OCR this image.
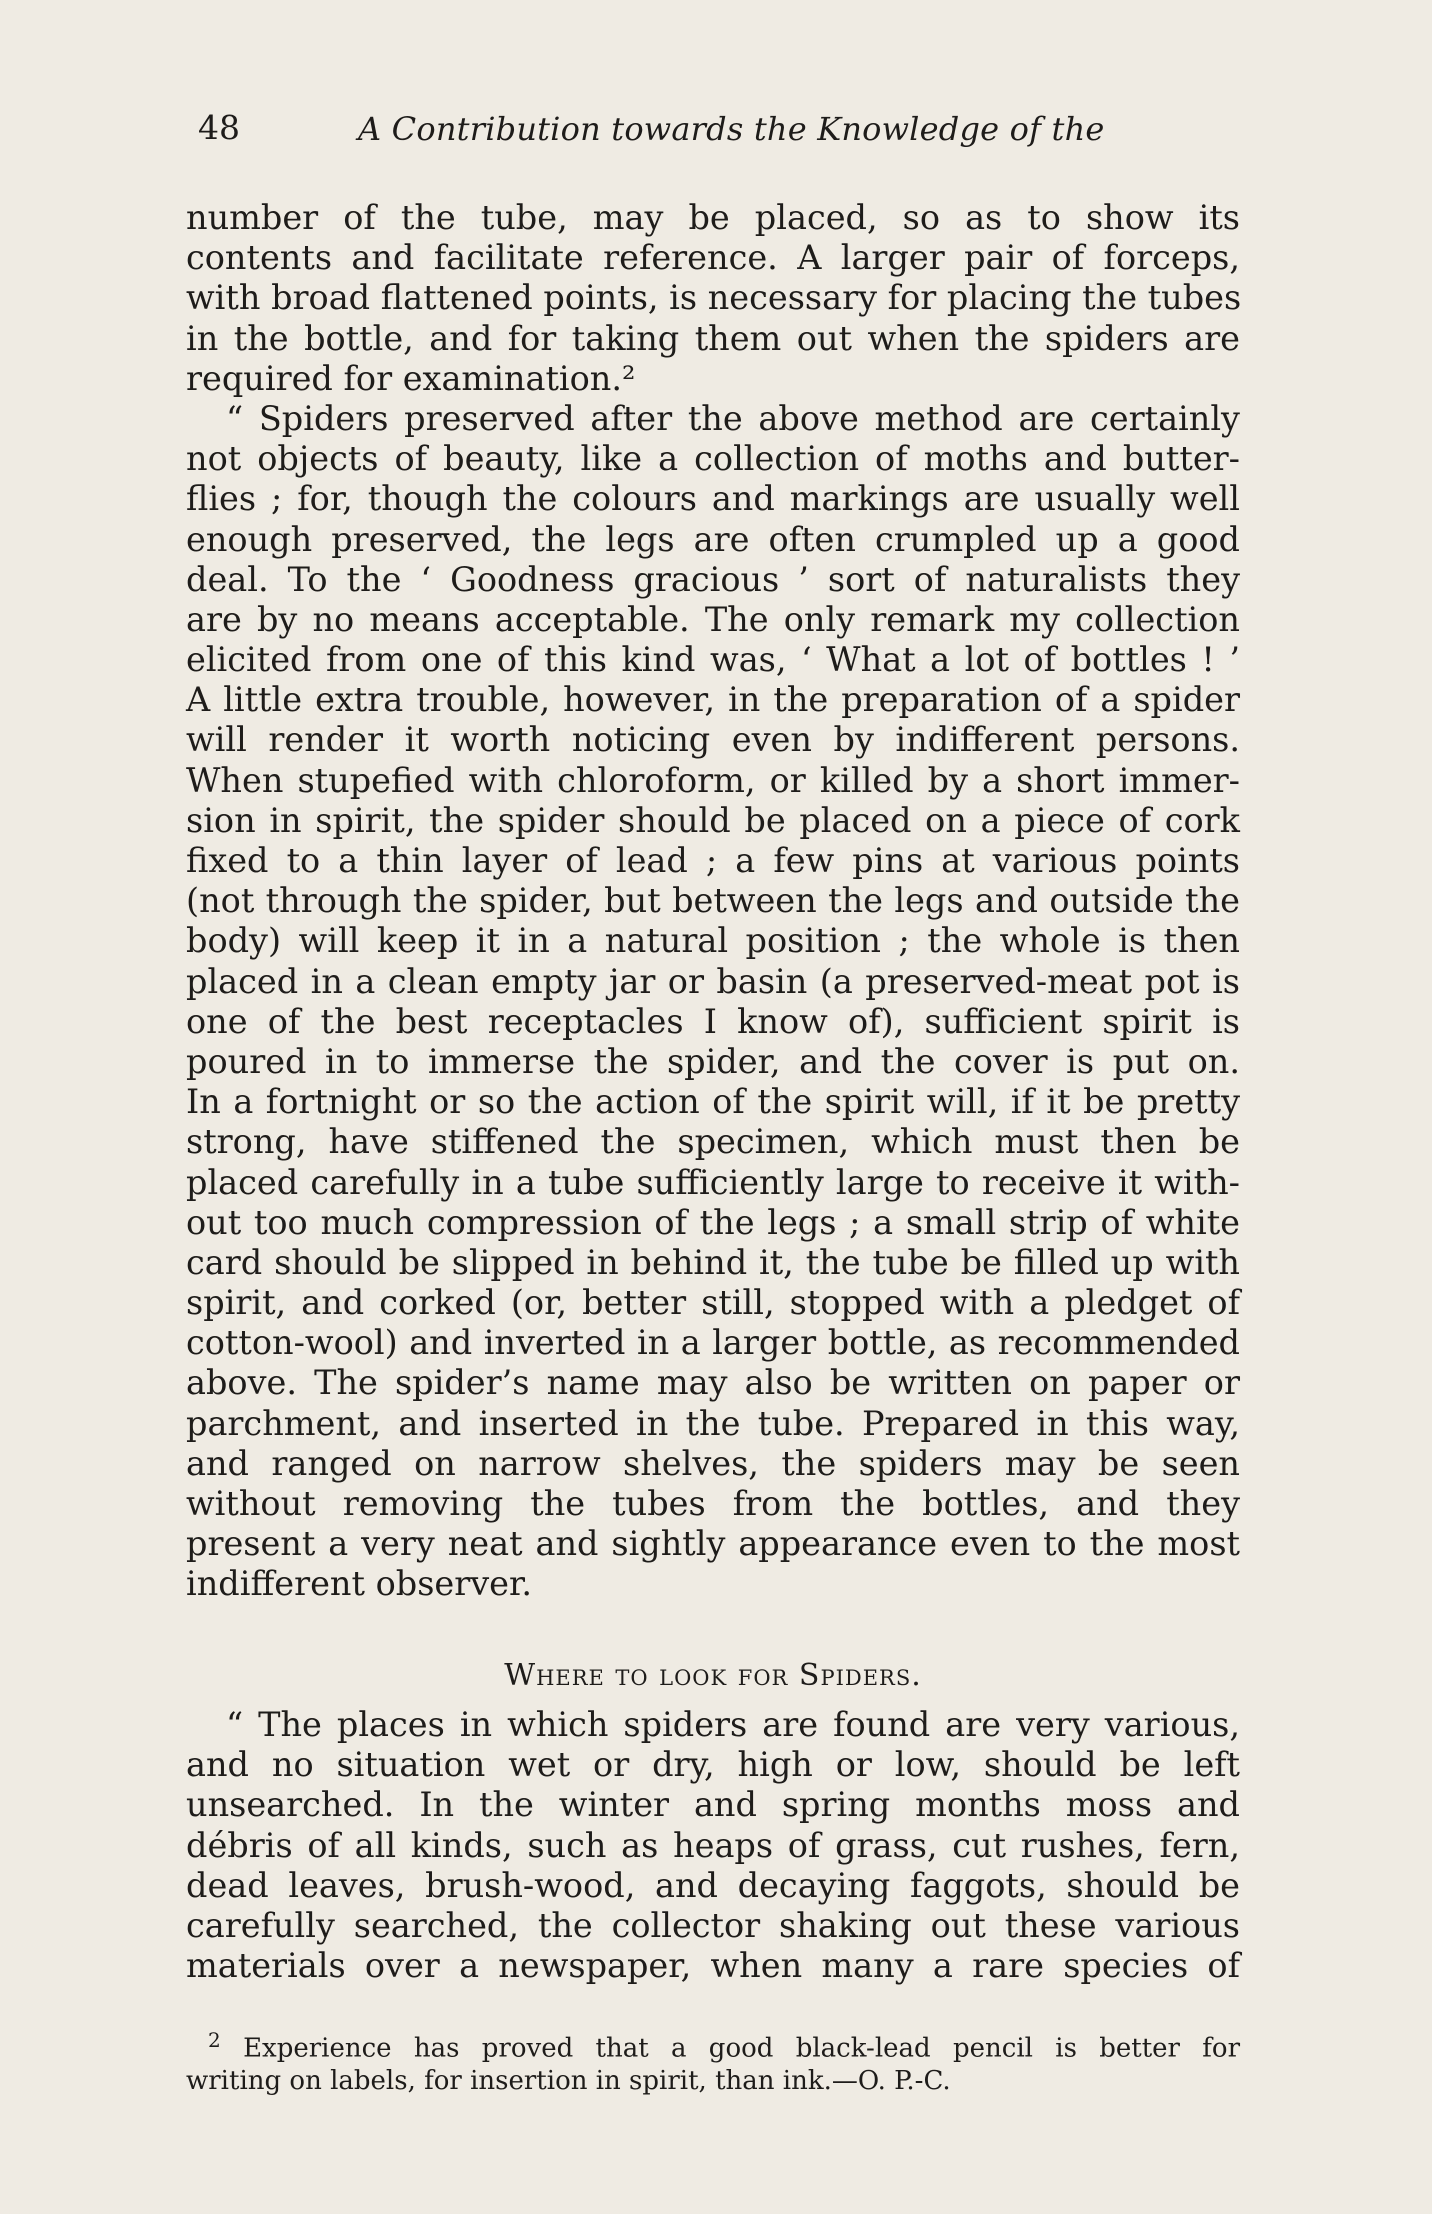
48	A Contribution towards the Knowledge of the
number of the tube, may be placed, so as to show its
contents and facilitate reference. A larger pair of forceps,
with broad flattened points, is necessary for placing the tubes
in the bottle, and for taking them out when the spiders are
required for examination.²
“ Spiders preserved after the above method are certainly
not objects of beauty, like a collection of moths and butter-
flies ; for, though the colours and markings are usually well
enough preserved, the legs are often crumpled up a good
deal. To the ‘ Goodness gracious ’ sort of naturalists they
are by no means acceptable. The only remark my collection
elicited from one of this kind was, ‘ What a lot of bottles ! ’
A little extra trouble, however, in the preparation of a spider
will render it worth noticing even by indifferent persons.
When stupefied with chloroform, or killed by a short immer-
sion in spirit, the spider should be placed on a piece of cork
fixed to a thin layer of lead ; a few pins at various points
(not through the spider, but between the legs and outside the
body) will keep it in a natural position ; the whole is then
placed in a clean empty jar or basin (a preserved-meat pot is
one of the best receptacles I know of), sufficient spirit is
poured in to immerse the spider, and the cover is put on.
In a fortnight or so the action of the spirit will, if it be pretty
strong, have stiffened the specimen, which must then be
placed carefully in a tube sufficiently large to receive it with-
out too much compression of the legs ; a small strip of white
card should be slipped in behind it, the tube be filled up with
spirit, and corked (or, better still, stopped with a pledget of
cotton-wool) and inverted in a larger bottle, as recommended
above. The spider’s name may also be written on paper or
parchment, and inserted in the tube. Prepared in this way,
and ranged on narrow shelves, the spiders may be seen
without removing the tubes from the bottles, and they
present a very neat and sightly appearance even to the most
indifferent observer.
Where to look for Spiders.
“ The places in which spiders are found are very various,
and no situation wet or dry, high or low, should be left
unsearched. In the winter and spring months moss and
débris of all kinds, such as heaps of grass, cut rushes, fern,
dead leaves, brush-wood, and decaying faggots, should be
carefully searched, the collector shaking out these various
materials over a newspaper, when many a rare species of
$^2$ Experience has proved that a good black-lead pencil is better for
writing on labels, for insertion in spirit, than ink.—O. P.-C.
